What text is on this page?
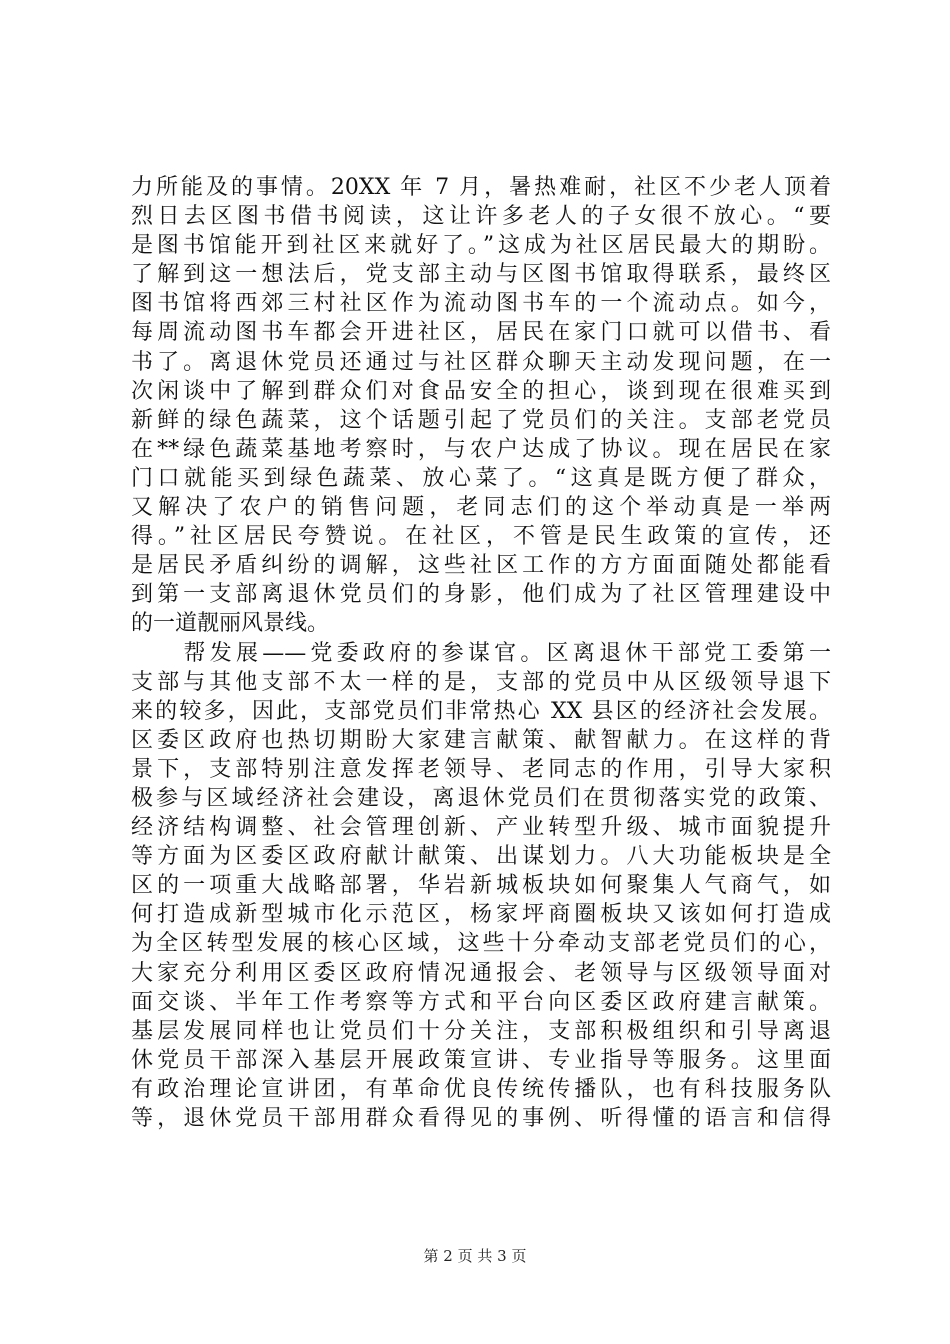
力所能及的事情。20XX 年 7 月，暑热难耐，社区不少老人顶着
烈日去区图书借书阅读，这让许多老人的子女很不放心。“要
是图书馆能开到社区来就好了。”这成为社区居民最大的期盼。
了解到这一想法后，党支部主动与区图书馆取得联系，最终区
图书馆将西郊三村社区作为流动图书车的一个流动点。如今，
每周流动图书车都会开进社区，居民在家门口就可以借书、看
书了。离退休党员还通过与社区群众聊天主动发现问题，在一
次闲谈中了解到群众们对食品安全的担心，谈到现在很难买到
新鲜的绿色蔬菜，这个话题引起了党员们的关注。支部老党员
在**绿色蔬菜基地考察时，与农户达成了协议。现在居民在家
门口就能买到绿色蔬菜、放心菜了。“这真是既方便了群众，
又解决了农户的销售问题，老同志们的这个举动真是一举两
得。”社区居民夸赞说。在社区，不管是民生政策的宣传，还
是居民矛盾纠纷的调解，这些社区工作的方方面面随处都能看
到第一支部离退休党员们的身影，他们成为了社区管理建设中
的一道靓丽风景线。
　　帮发展——党委政府的参谋官。区离退休干部党工委第一
支部与其他支部不太一样的是，支部的党员中从区级领导退下
来的较多，因此，支部党员们非常热心 XX 县区的经济社会发展。
区委区政府也热切期盼大家建言献策、献智献力。在这样的背
景下，支部特别注意发挥老领导、老同志的作用，引导大家积
极参与区域经济社会建设，离退休党员们在贯彻落实党的政策、
经济结构调整、社会管理创新、产业转型升级、城市面貌提升
等方面为区委区政府献计献策、出谋划力。八大功能板块是全
区的一项重大战略部署，华岩新城板块如何聚集人气商气，如
何打造成新型城市化示范区，杨家坪商圈板块又该如何打造成
为全区转型发展的核心区域，这些十分牵动支部老党员们的心，
大家充分利用区委区政府情况通报会、老领导与区级领导面对
面交谈、半年工作考察等方式和平台向区委区政府建言献策。
基层发展同样也让党员们十分关注，支部积极组织和引导离退
休党员干部深入基层开展政策宣讲、专业指导等服务。这里面
有政治理论宣讲团，有革命优良传统传播队，也有科技服务队
等，退休党员干部用群众看得见的事例、听得懂的语言和信得
第 2 页 共 3 页
